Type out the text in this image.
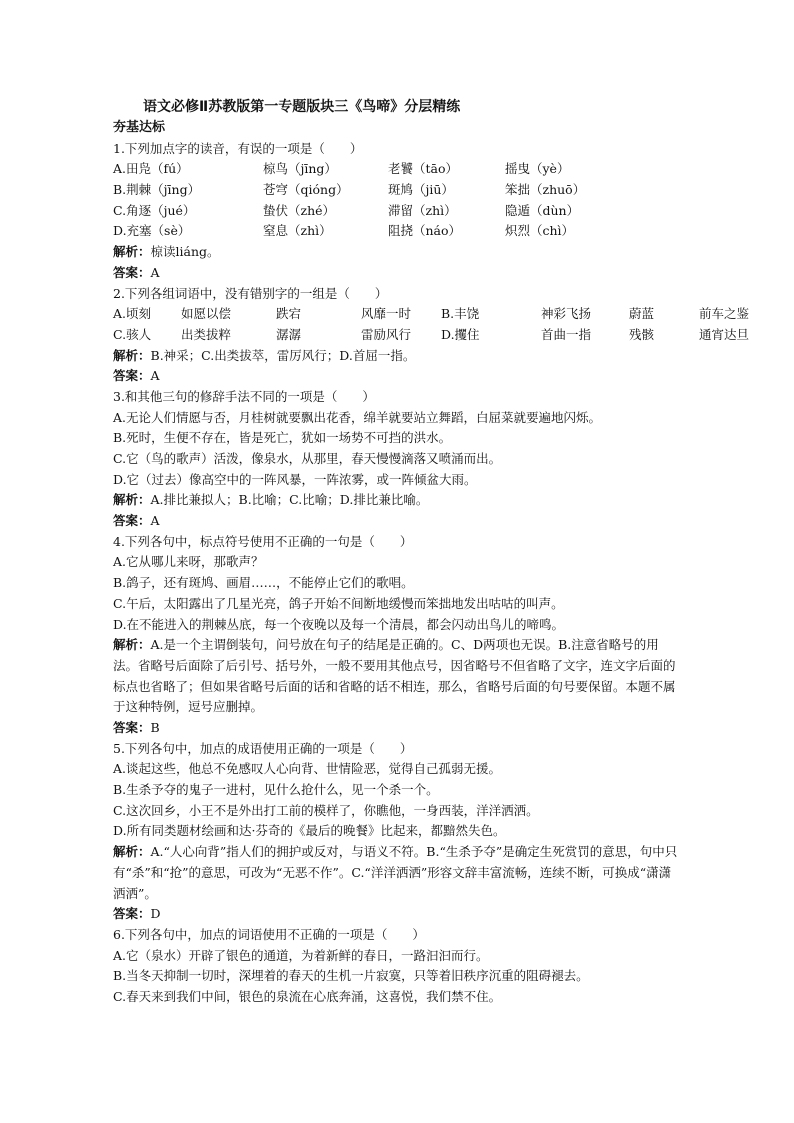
语文必修Ⅱ苏教版第一专题版块三《鸟啼》分层精练
夯基达标
1.下列加点字的读音，有误的一项是（　　）
A.田凫（fú）	椋鸟（jīng）	老饕（tāo）	摇曳（yè）
B.荆棘（jīng）	苍穹（qióng）	斑鸠（jiū）	笨拙（zhuō）
C.角逐（jué）	蛰伏（zhé）	滞留（zhì）	隐遁（dùn）
D.充塞（sè）	窒息（zhì）	阻挠（náo）	炽烈（chì）
解析：椋读liáng。
答案：A
2.下列各组词语中，没有错别字的一组是（　　）
A.顷刻 如愿以偿	跌宕	风靡一时 B.丰饶	神彩飞扬	蔚蓝	前车之鉴
C.骇人 出类拔粹	潺潺	雷励风行 D.攫住	首曲一指	残骸	通宵达旦
解析：B.神采；C.出类拔萃，雷厉风行；D.首屈一指。
答案：A
3.和其他三句的修辞手法不同的一项是（　　）
A.无论人们情愿与否，月桂树就要飘出花香，绵羊就要站立舞蹈，白屈菜就要遍地闪烁。
B.死时，生便不存在，皆是死亡，犹如一场势不可挡的洪水。
C.它（鸟的歌声）活泼，像泉水，从那里，春天慢慢滴落又喷涌而出。
D.它（过去）像高空中的一阵风暴，一阵浓雾，或一阵倾盆大雨。
解析：A.排比兼拟人；B.比喻；C.比喻；D.排比兼比喻。
答案：A
4.下列各句中，标点符号使用不正确的一句是（　　）
A.它从哪儿来呀，那歌声？
B.鸽子，还有斑鸠、画眉……，不能停止它们的歌唱。
C.午后，太阳露出了几星光亮，鸽子开始不间断地缓慢而笨拙地发出咕咕的叫声。
D.在不能进入的荆棘丛底，每一个夜晚以及每一个清晨，都会闪动出鸟儿的啼鸣。
解析：A.是一个主谓倒装句，问号放在句子的结尾是正确的。C、D两项也无误。B.注意省略号的用法。省略号后面除了后引号、括号外，一般不要用其他点号，因省略号不但省略了文字，连文字后面的标点也省略了；但如果省略号后面的话和省略的话不相连，那么，省略号后面的句号要保留。本题不属于这种特例，逗号应删掉。
答案：B
5.下列各句中，加点的成语使用正确的一项是（　　）
A.谈起这些，他总不免感叹人心向背、世情险恶，觉得自己孤弱无援。
B.生杀予夺的鬼子一进村，见什么抢什么，见一个杀一个。
C.这次回乡，小王不是外出打工前的模样了，你瞧他，一身西装，洋洋洒洒。
D.所有同类题材绘画和达·芬奇的《最后的晚餐》比起来，都黯然失色。
解析：A.“人心向背”指人们的拥护或反对，与语义不符。B.“生杀予夺”是确定生死赏罚的意思，句中只有“杀”和“抢”的意思，可改为“无恶不作”。C.“洋洋洒洒”形容文辞丰富流畅，连续不断，可换成“潇潇洒洒”。
答案：D
6.下列各句中，加点的词语使用不正确的一项是（　　）
A.它（泉水）开辟了银色的通道，为着新鲜的春日，一路汩汩而行。
B.当冬天抑制一切时，深埋着的春天的生机一片寂寞，只等着旧秩序沉重的阻碍褪去。
C.春天来到我们中间，银色的泉流在心底奔涌，这喜悦，我们禁不住。
